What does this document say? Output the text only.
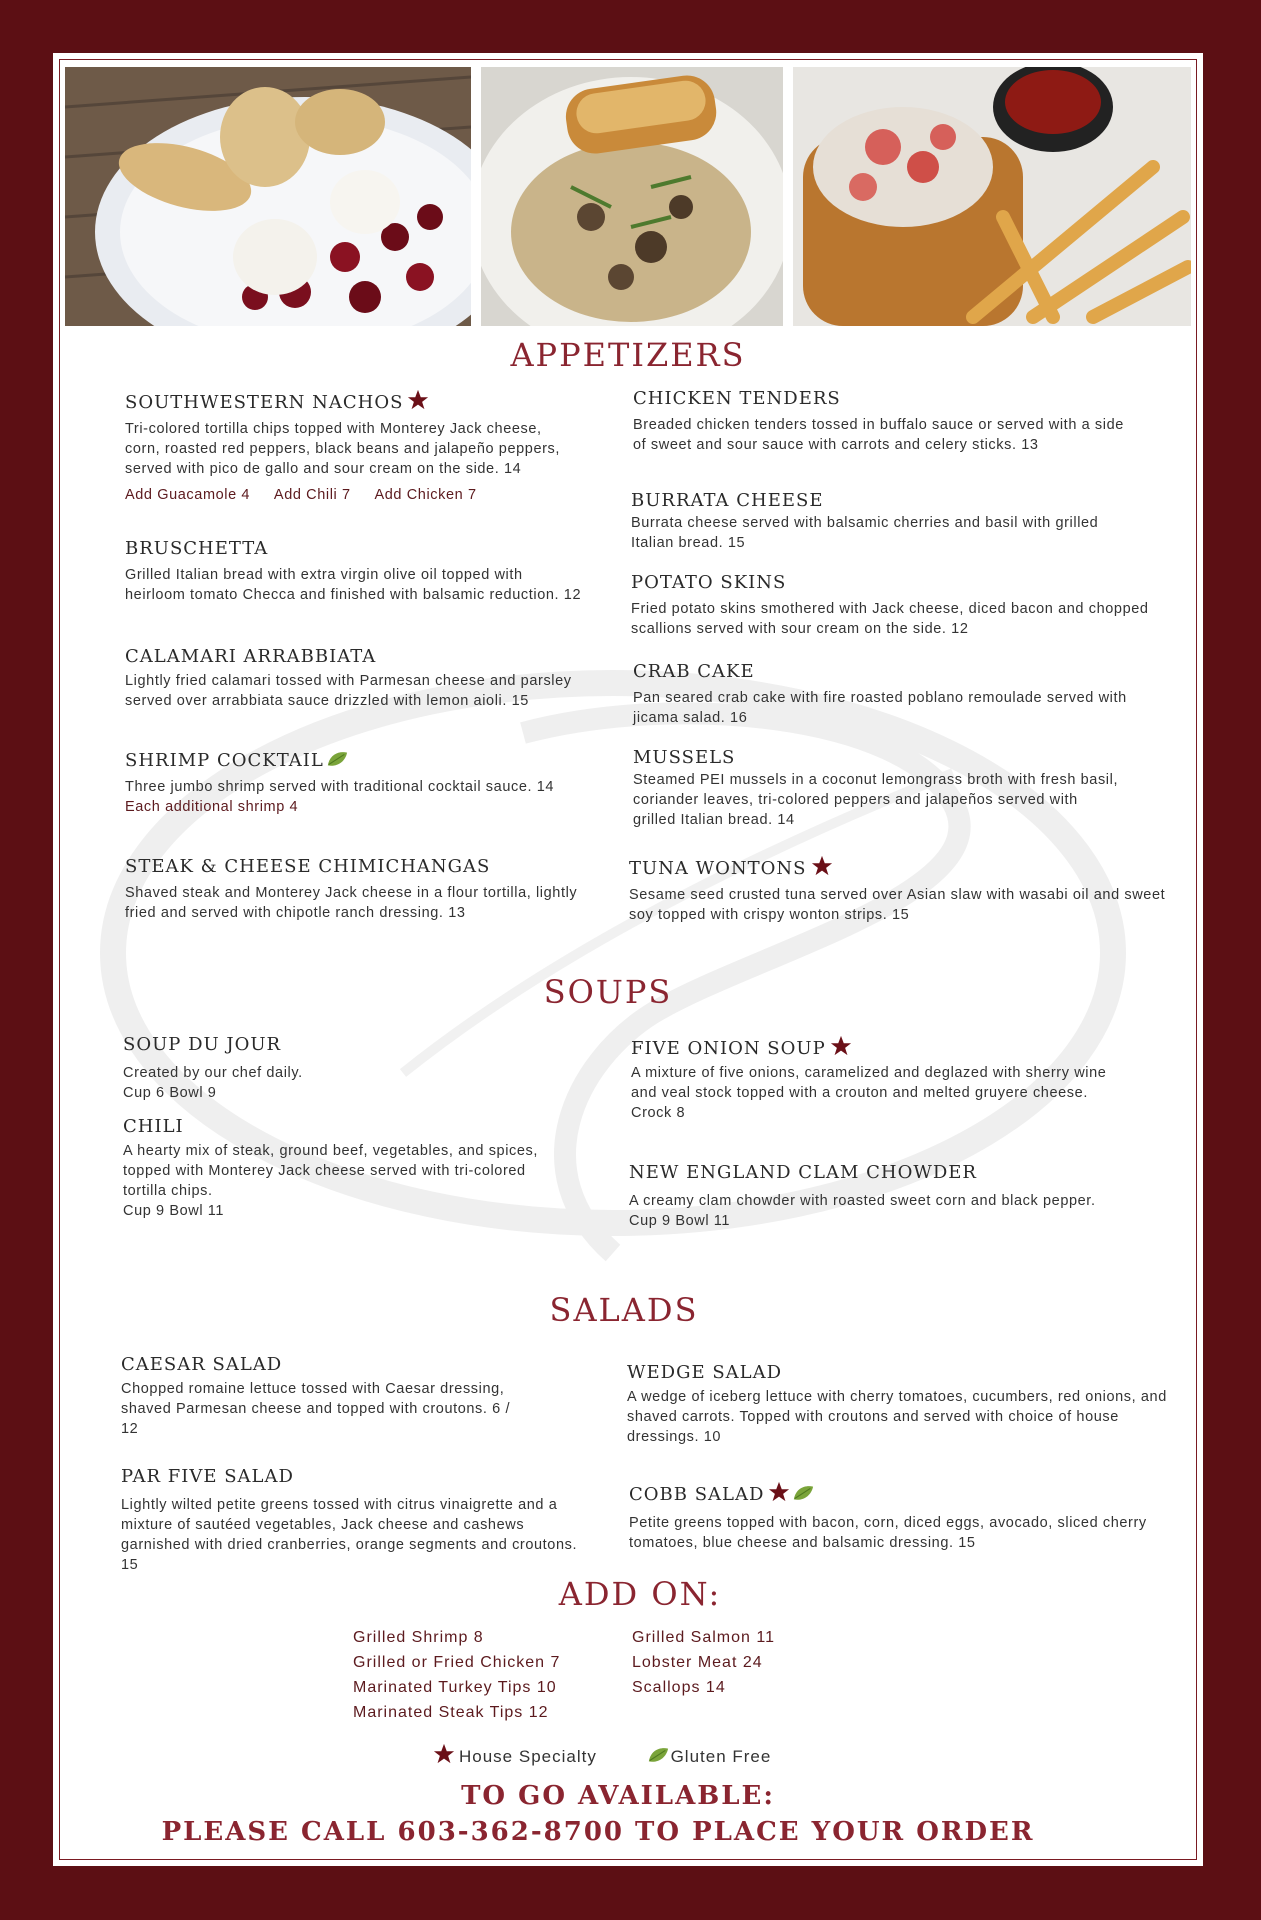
APPETIZERS
SOUTHWESTERN NACHOS
Tri-colored tortilla chips topped with Monterey Jack cheese, corn, roasted red peppers, black beans and jalapeño peppers, served with pico de gallo and sour cream on the side. 14
Add Guacamole 4 Add Chili 7 Add Chicken 7
BRUSCHETTA
Grilled Italian bread with extra virgin olive oil topped with heirloom tomato Checca and finished with balsamic reduction. 12
CALAMARI ARRABBIATA
Lightly fried calamari tossed with Parmesan cheese and parsley served over arrabbiata sauce drizzled with lemon aioli. 15
SHRIMP COCKTAIL
Three jumbo shrimp served with traditional cocktail sauce. 14
Each additional shrimp 4
STEAK & CHEESE CHIMICHANGAS
Shaved steak and Monterey Jack cheese in a flour tortilla, lightly fried and served with chipotle ranch dressing. 13
CHICKEN TENDERS
Breaded chicken tenders tossed in buffalo sauce or served with a side of sweet and sour sauce with carrots and celery sticks. 13
BURRATA CHEESE
Burrata cheese served with balsamic cherries and basil with grilled Italian bread. 15
POTATO SKINS
Fried potato skins smothered with Jack cheese, diced bacon and chopped scallions served with sour cream on the side. 12
CRAB CAKE
Pan seared crab cake with fire roasted poblano remoulade served with jicama salad. 16
MUSSELS
Steamed PEI mussels in a coconut lemongrass broth with fresh basil, coriander leaves, tri-colored peppers and jalapeños served with grilled Italian bread. 14
TUNA WONTONS
Sesame seed crusted tuna served over Asian slaw with wasabi oil and sweet soy topped with crispy wonton strips. 15
SOUPS
SOUP DU JOUR
Created by our chef daily.
Cup 6 Bowl 9
CHILI
A hearty mix of steak, ground beef, vegetables, and spices, topped with Monterey Jack cheese served with tri-colored tortilla chips.
Cup 9 Bowl 11
FIVE ONION SOUP
A mixture of five onions, caramelized and deglazed with sherry wine and veal stock topped with a crouton and melted gruyere cheese.
Crock 8
NEW ENGLAND CLAM CHOWDER
A creamy clam chowder with roasted sweet corn and black pepper.
Cup 9 Bowl 11
SALADS
CAESAR SALAD
Chopped romaine lettuce tossed with Caesar dressing, shaved Parmesan cheese and topped with croutons. 6 / 12
PAR FIVE SALAD
Lightly wilted petite greens tossed with citrus vinaigrette and a mixture of sautéed vegetables, Jack cheese and cashews garnished with dried cranberries, orange segments and croutons. 15
WEDGE SALAD
A wedge of iceberg lettuce with cherry tomatoes, cucumbers, red onions, and shaved carrots. Topped with croutons and served with choice of house dressings. 10
COBB SALAD
Petite greens topped with bacon, corn, diced eggs, avocado, sliced cherry tomatoes, blue cheese and balsamic dressing. 15
ADD ON:
Grilled Shrimp 8
Grilled or Fried Chicken 7
Marinated Turkey Tips 10
Marinated Steak Tips 12
Grilled Salmon 11
Lobster Meat 24
Scallops 14
House Specialty	Gluten Free
TO GO AVAILABLE:
PLEASE CALL 603-362-8700 TO PLACE YOUR ORDER
